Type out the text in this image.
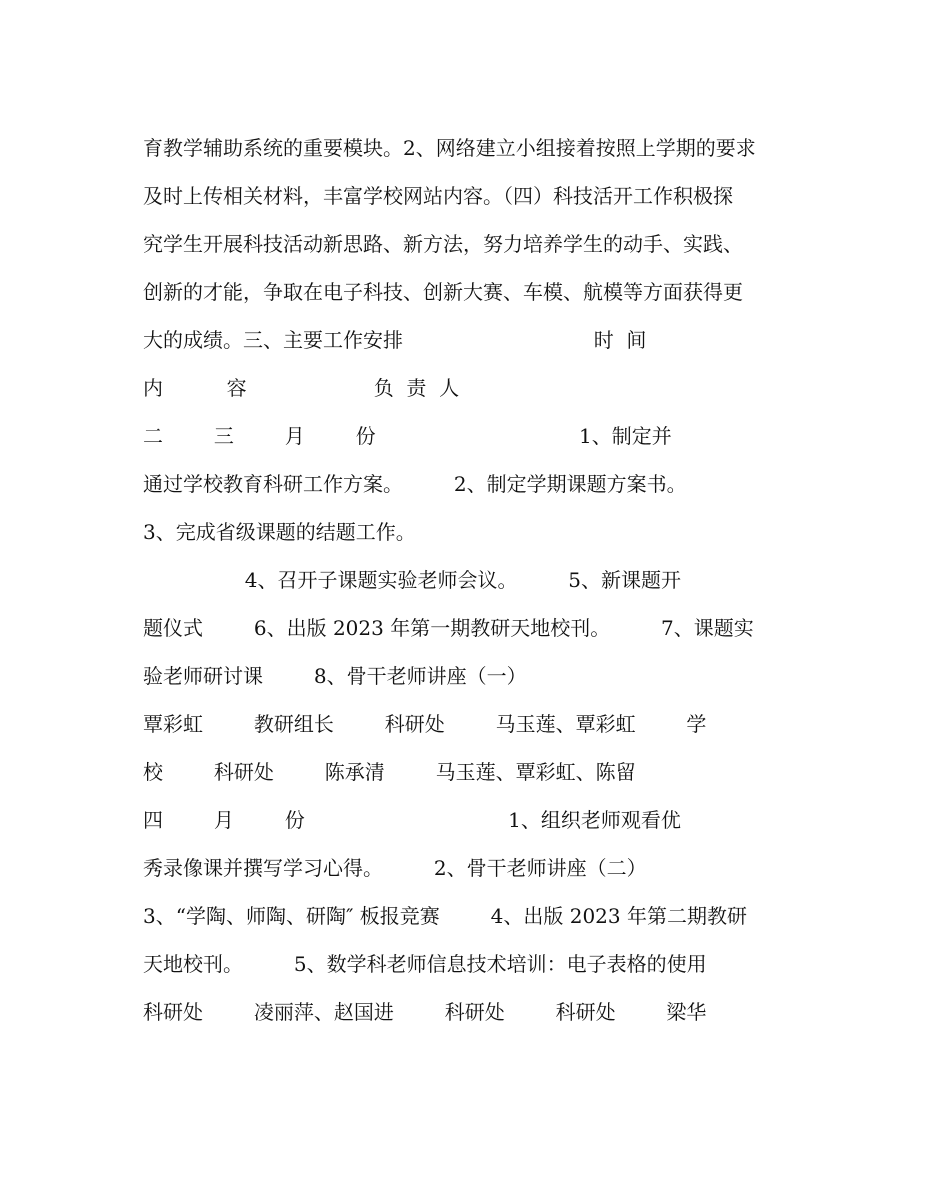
育教学辅助系统的重要模块。2、网络建立小组接着按照上学期的要求
及时上传相关材料，丰富学校网站内容。（四）科技活开工作积极探
究学生开展科技活动新思路、新方法，努力培养学生的动手、实践、
创新的才能，争取在电子科技、创新大赛、车模、航模等方面获得更
大的成绩。三、主要工作安排                              时  间
内          容                    负  责  人
二        三        月        份                                1、制定并
通过学校教育科研工作方案。        2、制定学期课题方案书。
3、完成省级课题的结题工作。
4、召开子课题实验老师会议。        5、新课题开
题仪式        6、出版 2023 年第一期教研天地校刊。        7、课题实
验老师研讨课        8、骨干老师讲座（一）
覃彩虹        教研组长        科研处        马玉莲、覃彩虹        学
校        科研处        陈承清        马玉莲、覃彩虹、陈留
四        月        份                                1、组织老师观看优
秀录像课并撰写学习心得。        2、骨干老师讲座（二）
3、“学陶、师陶、研陶″ 板报竞赛        4、出版 2023 年第二期教研
天地校刊。        5、数学科老师信息技术培训：电子表格的使用
科研处        凌丽萍、赵国进        科研处        科研处        梁华
